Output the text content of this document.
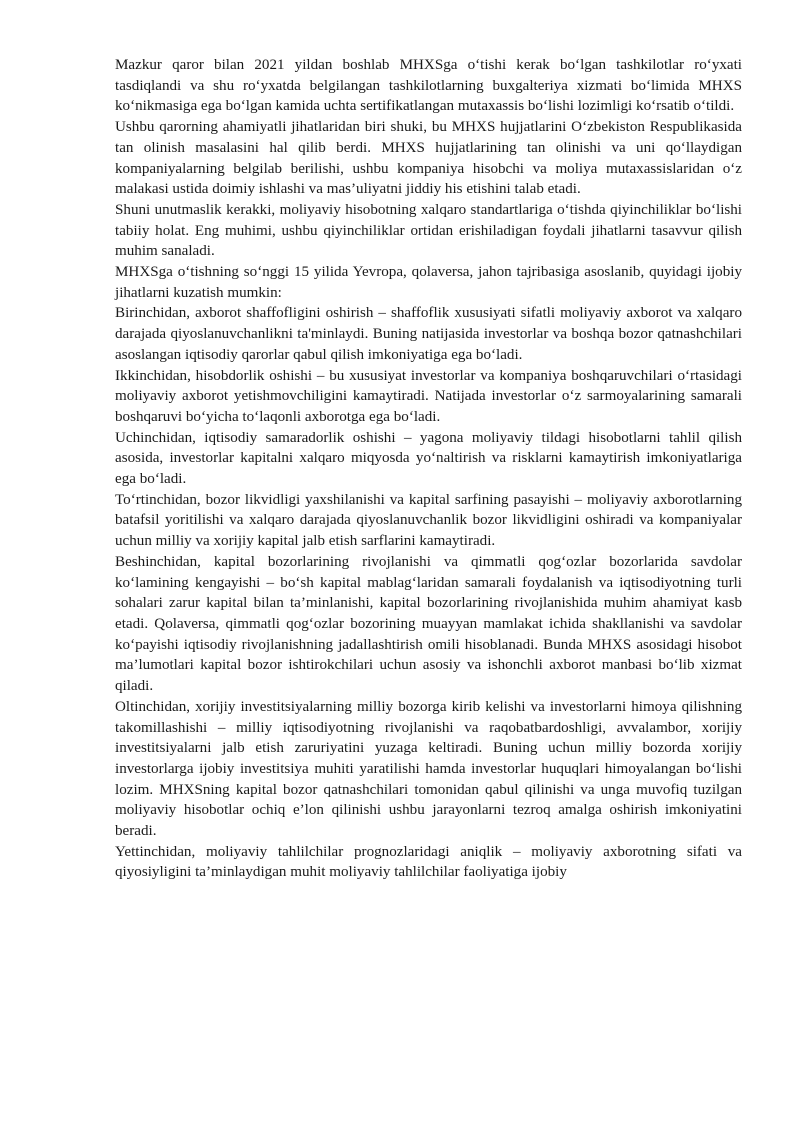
Mazkur qaror bilan 2021 yildan boshlab MHXSga oʻtishi kerak boʻlgan tashkilotlar roʻyxati tasdiqlandi va shu roʻyxatda belgilangan tashkilotlarning buxgalteriya xizmati boʻlimida MHXS koʻnikmasiga ega boʻlgan kamida uchta sertifikatlangan mutaxassis boʻlishi lozimligi koʻrsatib oʻtildi.

Ushbu qarorning ahamiyatli jihatlaridan biri shuki, bu MHXS hujjatlarini Oʻzbekiston Respublikasida tan olinish masalasini hal qilib berdi. MHXS hujjatlarining tan olinishi va uni qoʻllaydigan kompaniyalarning belgilab berilishi, ushbu kompaniya hisobchi va moliya mutaxassislaridan oʻz malakasi ustida doimiy ishlashi va mas’uliyatni jiddiy his etishini talab etadi.

Shuni unutmaslik kerakki, moliyaviy hisobotning xalqaro standartlariga oʻtishda qiyinchiliklar boʻlishi tabiiy holat. Eng muhimi, ushbu qiyinchiliklar ortidan erishiladigan foydali jihatlarni tasavvur qilish muhim sanaladi.

MHXSga oʻtishning soʻnggi 15 yilida Yevropa, qolaversa, jahon tajribasiga asoslanib, quyidagi ijobiy jihatlarni kuzatish mumkin:

Birinchidan, axborot shaffofligini oshirish – shaffoflik xususiyati sifatli moliyaviy axborot va xalqaro darajada qiyoslanuvchanlikni ta'minlaydi. Buning natijasida investorlar va boshqa bozor qatnashchilari asoslangan iqtisodiy qarorlar qabul qilish imkoniyatiga ega boʻladi.

Ikkinchidan, hisobdorlik oshishi – bu xususiyat investorlar va kompaniya boshqaruvchilari oʻrtasidagi moliyaviy axborot yetishmovchiligini kamaytiradi. Natijada investorlar oʻz sarmoyalarining samarali boshqaruvi boʻyicha toʻlaqonli axborotga ega boʻladi.

Uchinchidan, iqtisodiy samaradorlik oshishi – yagona moliyaviy tildagi hisobotlarni tahlil qilish asosida, investorlar kapitalni xalqaro miqyosda yoʻnaltirish va risklarni kamaytirish imkoniyatlariga ega boʻladi.

Toʻrtinchidan, bozor likvidligi yaxshilanishi va kapital sarfining pasayishi – moliyaviy axborotlarning batafsil yoritilishi va xalqaro darajada qiyoslanuvchanlik bozor likvidligini oshiradi va kompaniyalar uchun milliy va xorijiy kapital jalb etish sarflarini kamaytiradi.

Beshinchidan, kapital bozorlarining rivojlanishi va qimmatli qogʻozlar bozorlarida savdolar koʻlamining kengayishi – boʻsh kapital mablagʻlaridan samarali foydalanish va iqtisodiyotning turli sohalari zarur kapital bilan ta’minlanishi, kapital bozorlarining rivojlanishida muhim ahamiyat kasb etadi. Qolaversa, qimmatli qogʻozlar bozorining muayyan mamlakat ichida shakllanishi va savdolar koʻpayishi iqtisodiy rivojlanishning jadallashtirish omili hisoblanadi. Bunda MHXS asosidagi hisobot ma’lumotlari kapital bozor ishtirokchilari uchun asosiy va ishonchli axborot manbasi boʻlib xizmat qiladi.

Oltinchidan, xorijiy investitsiyalarning milliy bozorga kirib kelishi va investorlarni himoya qilishning takomillashishi – milliy iqtisodiyotning rivojlanishi va raqobatbardoshligi, avvalambor, xorijiy investitsiyalarni jalb etish zaruriyatini yuzaga keltiradi. Buning uchun milliy bozorda xorijiy investorlarga ijobiy investitsiya muhiti yaratilishi hamda investorlar huquqlari himoyalangan boʻlishi lozim. MHXSning kapital bozor qatnashchilari tomonidan qabul qilinishi va unga muvofiq tuzilgan moliyaviy hisobotlar ochiq e’lon qilinishi ushbu jarayonlarni tezroq amalga oshirish imkoniyatini beradi.

Yettinchidan, moliyaviy tahlilchilar prognozlaridagi aniqlik – moliyaviy axborotning sifati va qiyosiyligini ta’minlaydigan muhit moliyaviy tahlilchilar faoliyatiga ijobiy
